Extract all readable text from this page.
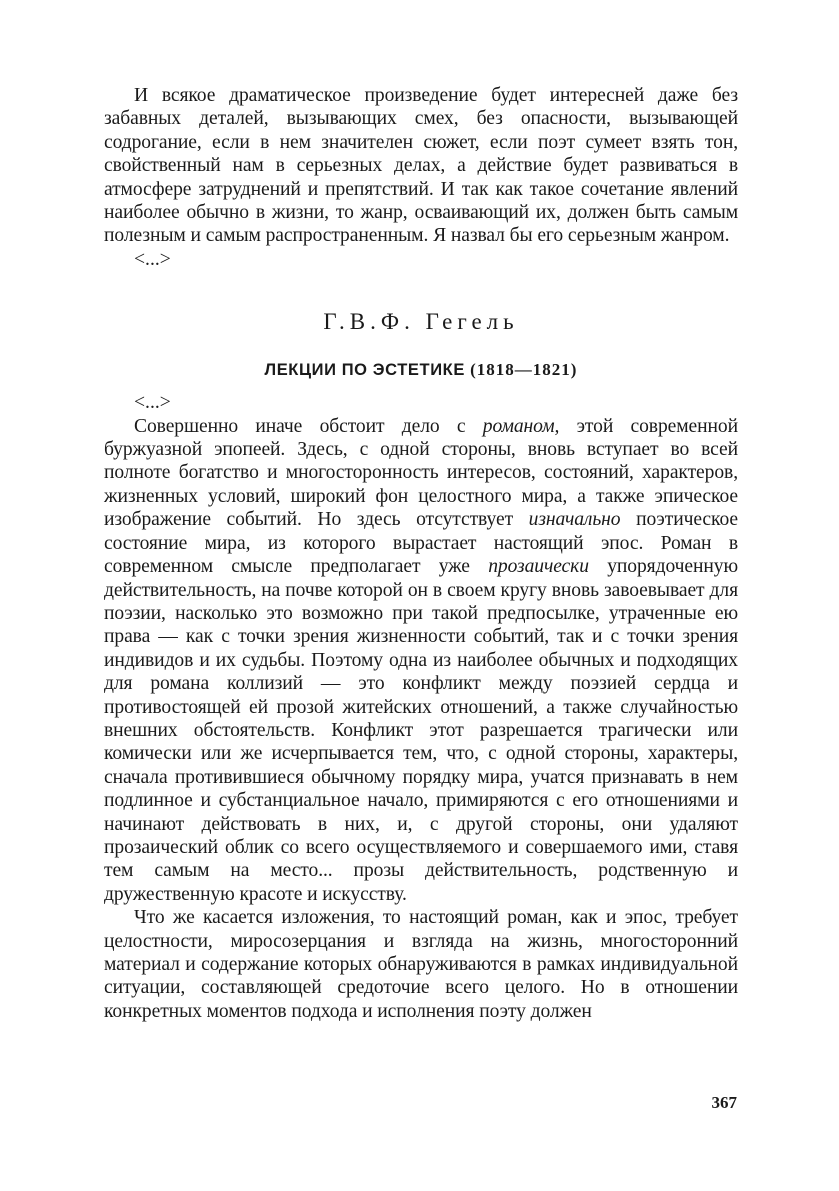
И всякое драматическое произведение будет интересней даже без забавных деталей, вызывающих смех, без опасности, вызывающей содрогание, если в нем значителен сюжет, если поэт сумеет взять тон, свойственный нам в серьезных делах, а действие будет развиваться в атмосфере затруднений и препятствий. И так как такое сочетание явлений наиболее обычно в жизни, то жанр, осваивающий их, должен быть самым полезным и самым распространенным. Я назвал бы его серьезным жанром.

<...>

Г.В.Ф. Гегель
ЛЕКЦИИ ПО ЭСТЕТИКЕ (1818—1821)

<...>

Совершенно иначе обстоит дело с романом, этой современной буржуазной эпопеей. Здесь, с одной стороны, вновь вступает во всей полноте богатство и многосторонность интересов, состояний, характеров, жизненных условий, широкий фон целостного мира, а также эпическое изображение событий. Но здесь отсутствует изначально поэтическое состояние мира, из которого вырастает настоящий эпос. Роман в современном смысле предполагает уже прозаически упорядоченную действительность, на почве которой он в своем кругу вновь завоевывает для поэзии, насколько это возможно при такой предпосылке, утраченные ею права — как с точки зрения жизненности событий, так и с точки зрения индивидов и их судьбы. Поэтому одна из наиболее обычных и подходящих для романа коллизий — это конфликт между поэзией сердца и противостоящей ей прозой житейских отношений, а также случайностью внешних обстоятельств. Конфликт этот разрешается трагически или комически или же исчерпывается тем, что, с одной стороны, характеры, сначала противившиеся обычному порядку мира, учатся признавать в нем подлинное и субстанциальное начало, примиряются с его отношениями и начинают действовать в них, и, с другой стороны, они удаляют прозаический облик со всего осуществляемого и совершаемого ими, ставя тем самым на место... прозы действительность, родственную и дружественную красоте и искусству.

Что же касается изложения, то настоящий роман, как и эпос, требует целостности, миросозерцания и взгляда на жизнь, многосторонний материал и содержание которых обнаруживаются в рамках индивидуальной ситуации, составляющей средоточие всего целого. Но в отношении конкретных моментов подхода и исполнения поэту должен

367
